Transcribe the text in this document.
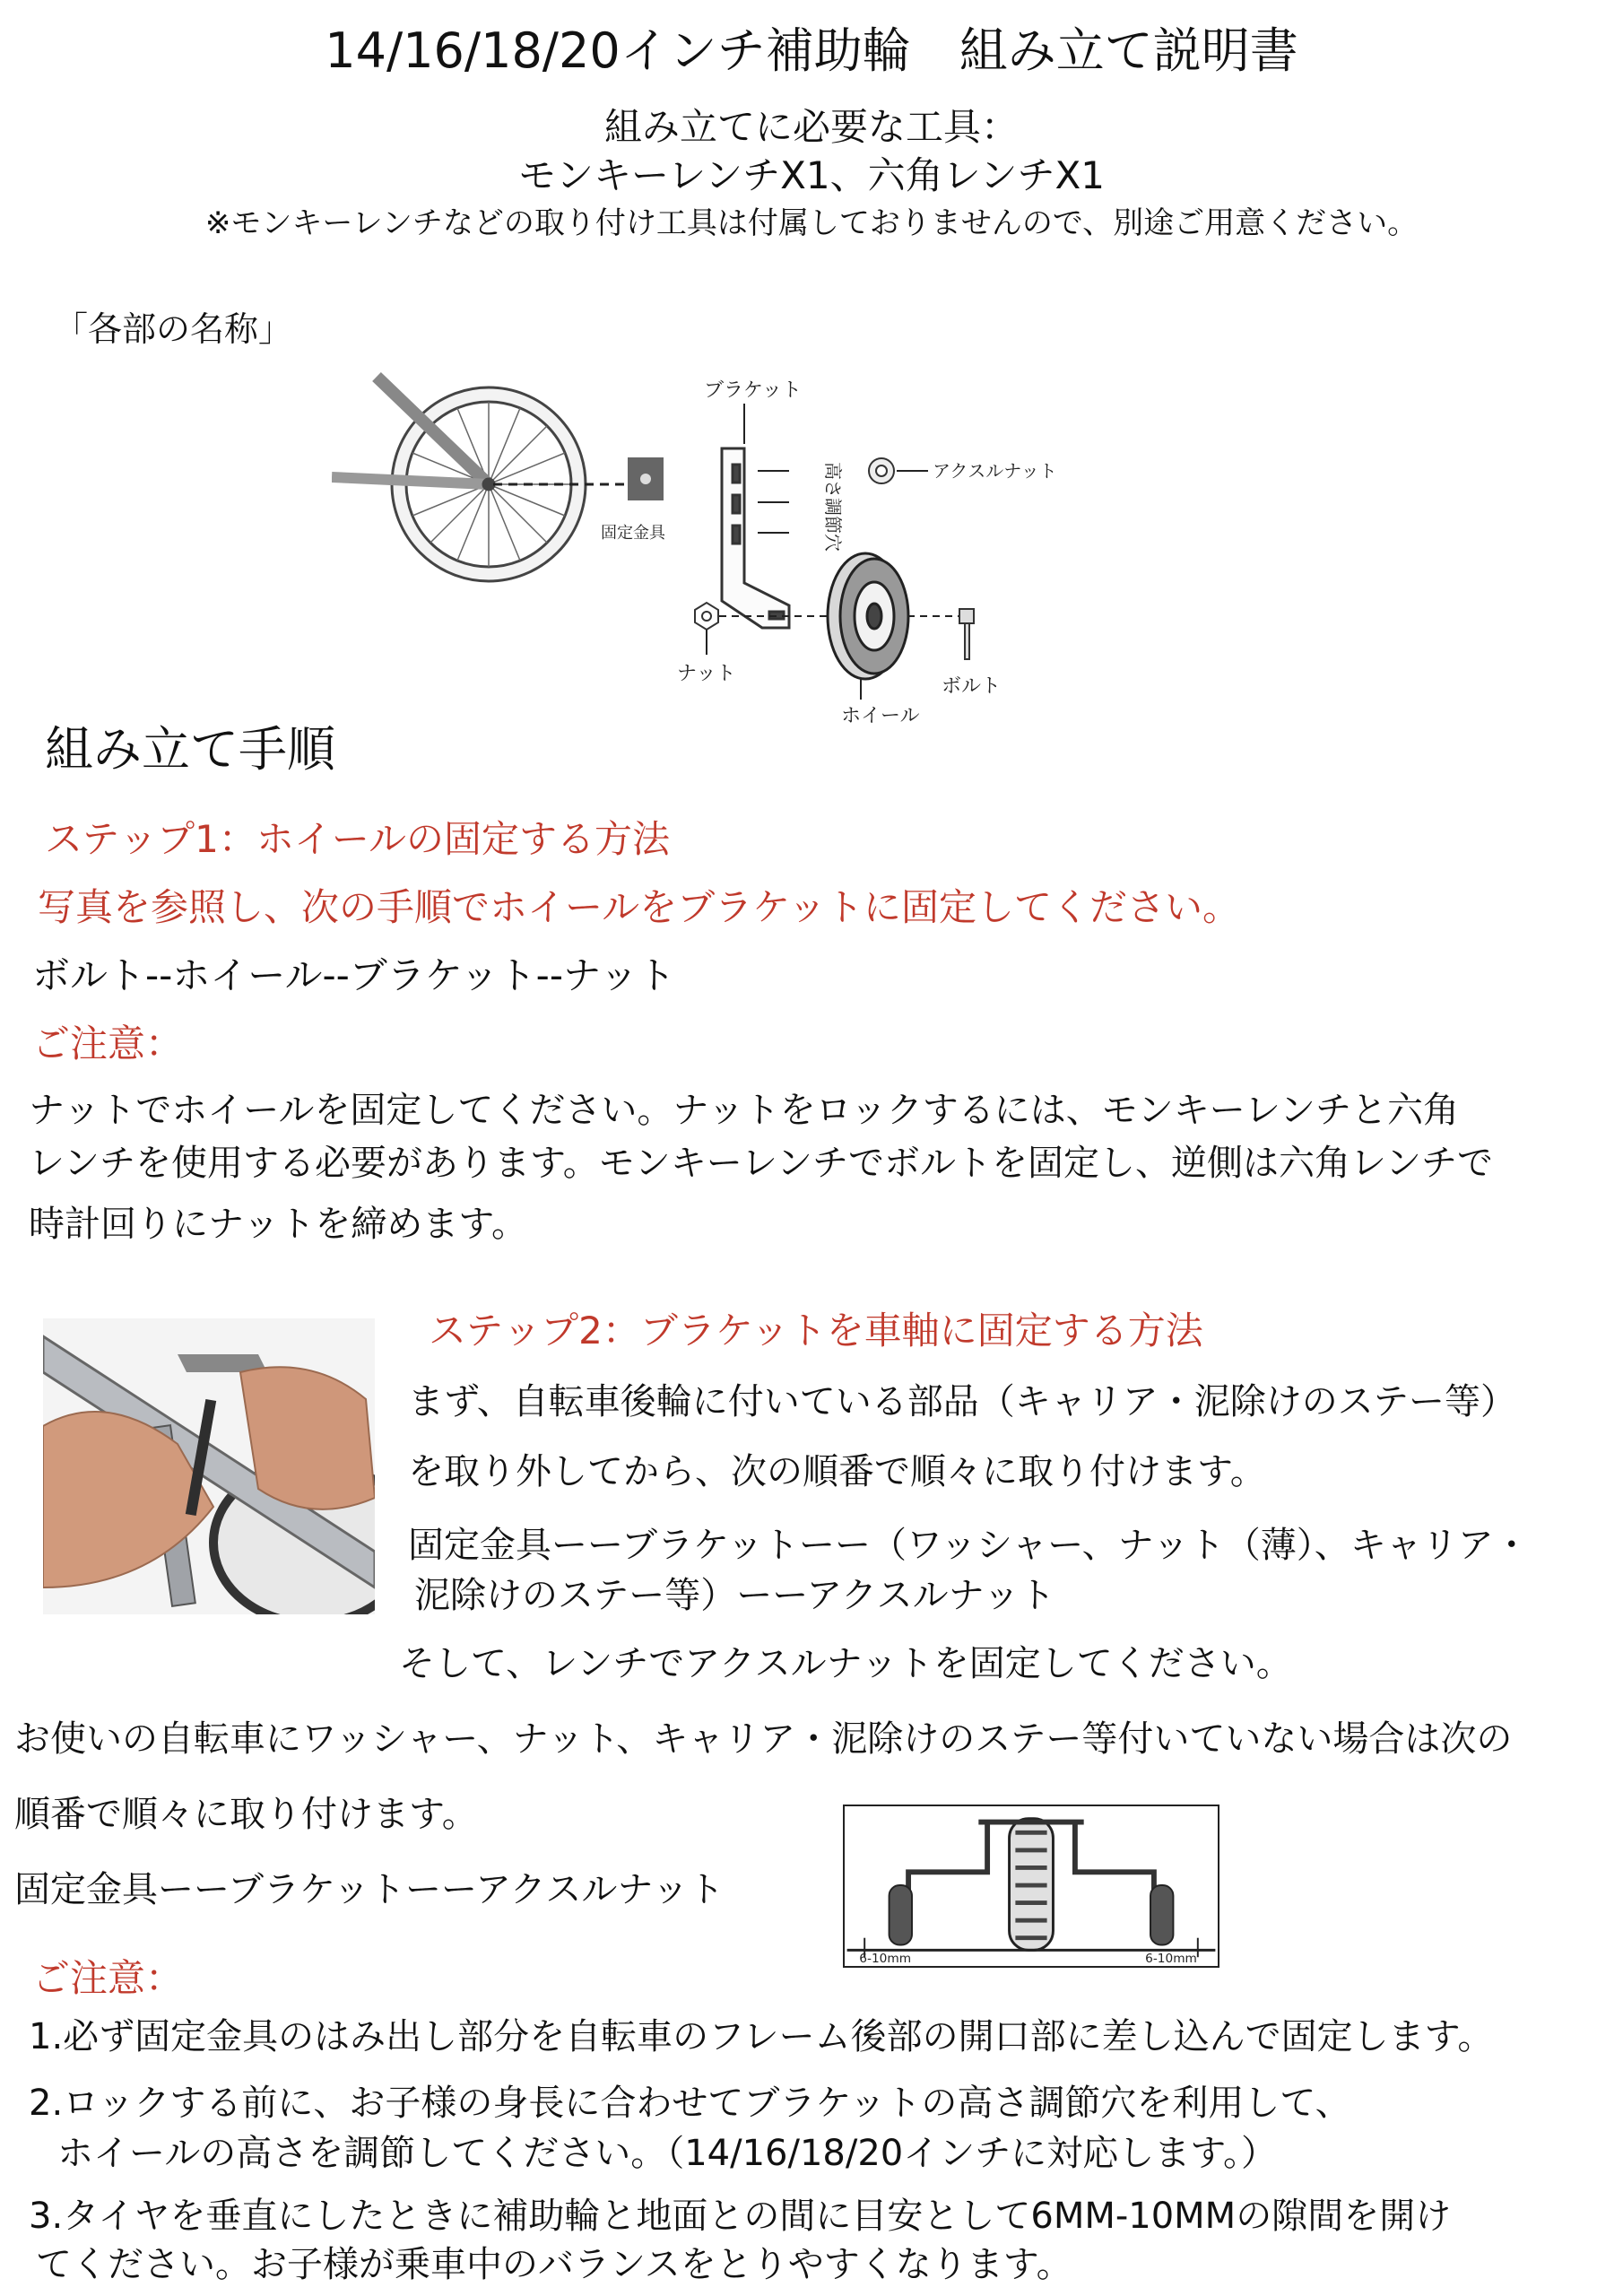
14/16/18/20インチ補助輪　組み立て説明書
組み立てに必要な工具：
モンキーレンチX1、六角レンチX1
※モンキーレンチなどの取り付け工具は付属しておりませんので、別途ご用意ください。
「各部の名称」
固定金具
ブラケット
高さ調節穴	アクスルナット
ナット
ホイール
ボルト
組み立て手順
ステップ1：ホイールの固定する方法
写真を参照し、次の手順でホイールをブラケットに固定してください。
ボルト--ホイール--ブラケット--ナット
ご注意：
ナットでホイールを固定してください。ナットをロックするには、モンキーレンチと六角
レンチを使用する必要があります。モンキーレンチでボルトを固定し、逆側は六角レンチで
時計回りにナットを締めます。
ステップ2：ブラケットを車軸に固定する方法
まず、自転車後輪に付いている部品（キャリア・泥除けのステー等）
を取り外してから、次の順番で順々に取り付けます。
固定金具ーーブラケットーー（ワッシャー、ナット（薄）、キャリア・
泥除けのステー等）ーーアクスルナット
そして、レンチでアクスルナットを固定してください。
お使いの自転車にワッシャー、ナット、キャリア・泥除けのステー等付いていない場合は次の
順番で順々に取り付けます。
固定金具ーーブラケットーーアクスルナット
6-10mm	6-10mm
ご注意：
1.必ず固定金具のはみ出し部分を自転車のフレーム後部の開口部に差し込んで固定します。
2.ロックする前に、お子様の身長に合わせてブラケットの高さ調節穴を利用して、
ホイールの高さを調節してください。（14/16/18/20インチに対応します。）
3.タイヤを垂直にしたときに補助輪と地面との間に目安として6MM-10MMの隙間を開け
てください。お子様が乗車中のバランスをとりやすくなります。
